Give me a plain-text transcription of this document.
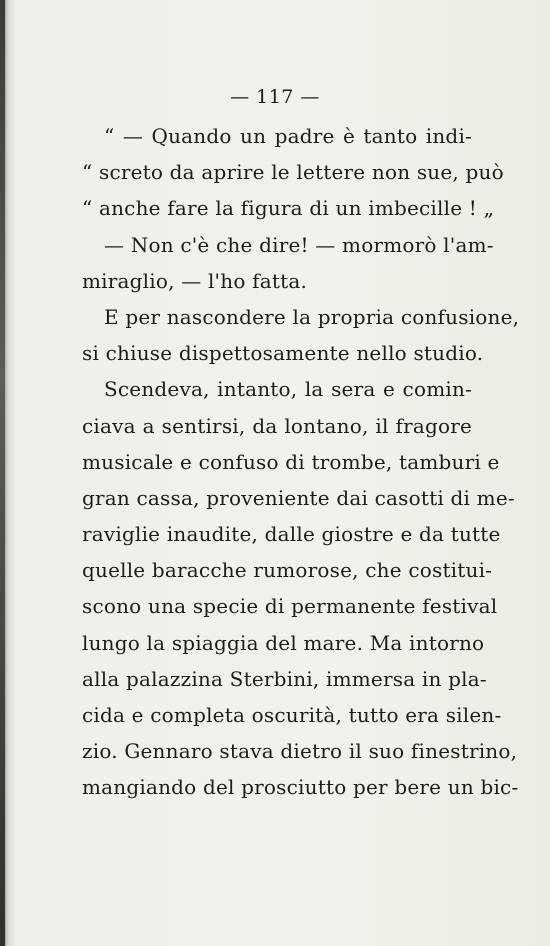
— 117 —
“ — Quando un padre è tanto indi-
“ screto da aprire le lettere non sue, può
“ anche fare la figura di un imbecille ! „
— Non c'è che dire! — mormorò l'am-
miraglio, — l'ho fatta.
E per nascondere la propria confusione,
si chiuse dispettosamente nello studio.
Scendeva, intanto, la sera e comin-
ciava a sentirsi, da lontano, il fragore
musicale e confuso di trombe, tamburi e
gran cassa, proveniente dai casotti di me-
raviglie inaudite, dalle giostre e da tutte
quelle baracche rumorose, che costitui-
scono una specie di permanente festival
lungo la spiaggia del mare. Ma intorno
alla palazzina Sterbini, immersa in pla-
cida e completa oscurità, tutto era silen-
zio. Gennaro stava dietro il suo finestrino,
mangiando del prosciutto per bere un bic-
